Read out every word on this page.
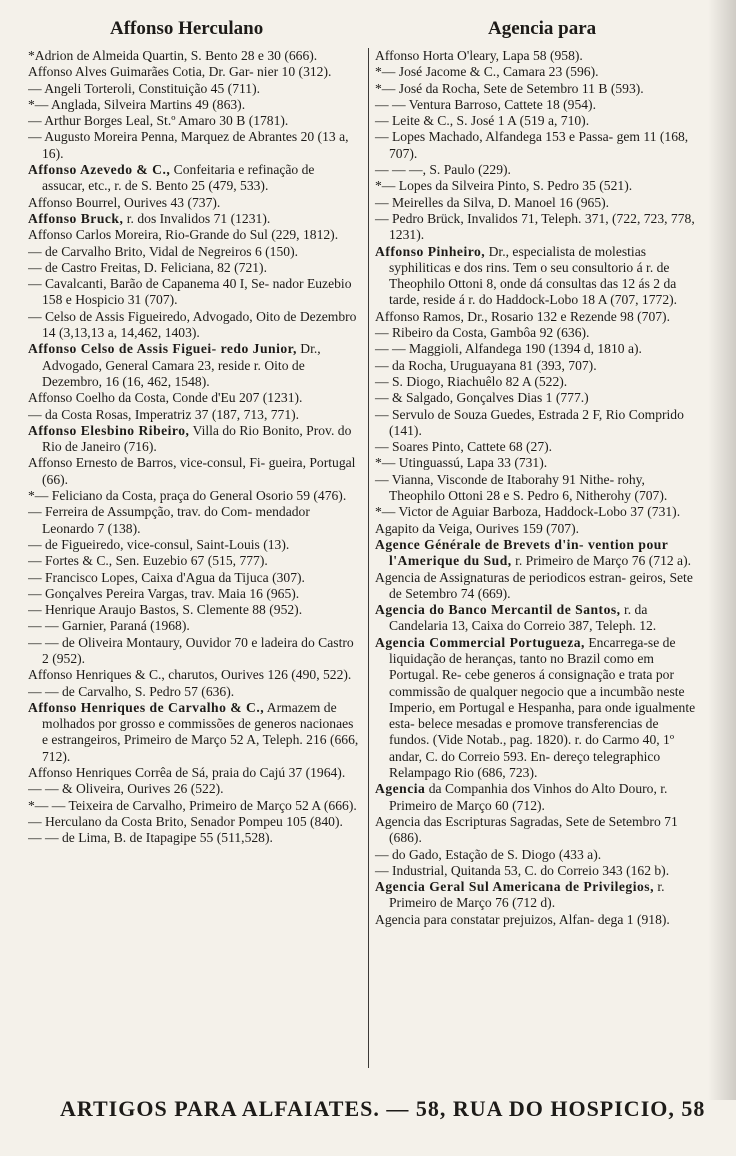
Affonso Herculano	Agencia para

*Adrion de Almeida Quartin, S. Bento 28 e 30 (666).

Affonso Alves Guimarães Cotia, Dr. Gar- nier 10 (312).

— Angeli Torteroli, Constituição 45 (711).

*— Anglada, Silveira Martins 49 (863).

— Arthur Borges Leal, St.º Amaro 30 B (1781).

— Augusto Moreira Penna, Marquez de Abrantes 20 (13 a, 16).

Affonso Azevedo & C., Confeitaria e refinação de assucar, etc., r. de S. Bento 25 (479, 533).

Affonso Bourrel, Ourives 43 (737).

Affonso Bruck, r. dos Invalidos 71 (1231).

Affonso Carlos Moreira, Rio-Grande do Sul (229, 1812).

— de Carvalho Brito, Vidal de Negreiros 6 (150).

— de Castro Freitas, D. Feliciana, 82 (721).

— Cavalcanti, Barão de Capanema 40 I, Se- nador Euzebio 158 e Hospicio 31 (707).

— Celso de Assis Figueiredo, Advogado, Oito de Dezembro 14 (3,13,13 a, 14,462, 1403).

Affonso Celso de Assis Figuei- redo Junior, Dr., Advogado, General Camara 23, reside r. Oito de Dezembro, 16 (16, 462, 1548).

Affonso Coelho da Costa, Conde d'Eu 207 (1231).

— da Costa Rosas, Imperatriz 37 (187, 713, 771).

Affonso Elesbino Ribeiro, Villa do Rio Bonito, Prov. do Rio de Janeiro (716).

Affonso Ernesto de Barros, vice-consul, Fi- gueira, Portugal (66).

*— Feliciano da Costa, praça do General Osorio 59 (476).

— Ferreira de Assumpção, trav. do Com- mendador Leonardo 7 (138).

— de Figueiredo, vice-consul, Saint-Louis (13).

— Fortes & C., Sen. Euzebio 67 (515, 777).

— Francisco Lopes, Caixa d'Agua da Tijuca (307).

— Gonçalves Pereira Vargas, trav. Maia 16 (965).

— Henrique Araujo Bastos, S. Clemente 88 (952).

— — Garnier, Paraná (1968).

— — de Oliveira Montaury, Ouvidor 70 e ladeira do Castro 2 (952).

Affonso Henriques & C., charutos, Ourives 126 (490, 522).

— — de Carvalho, S. Pedro 57 (636).

Affonso Henriques de Carvalho & C., Armazem de molhados por grosso e commissões de generos nacionaes e estrangeiros, Primeiro de Março 52 A, Teleph. 216 (666, 712).

Affonso Henriques Corrêa de Sá, praia do Cajú 37 (1964).

— — & Oliveira, Ourives 26 (522).

*— — Teixeira de Carvalho, Primeiro de Março 52 A (666).

— Herculano da Costa Brito, Senador Pompeu 105 (840).

— — de Lima, B. de Itapagipe 55 (511,528).

Affonso Horta O'leary, Lapa 58 (958).

*— José Jacome & C., Camara 23 (596).

*— José da Rocha, Sete de Setembro 11 B (593).

— — Ventura Barroso, Cattete 18 (954).

— Leite & C., S. José 1 A (519 a, 710).

— Lopes Machado, Alfandega 153 e Passa- gem 11 (168, 707).

— — —, S. Paulo (229).

*— Lopes da Silveira Pinto, S. Pedro 35 (521).

— Meirelles da Silva, D. Manoel 16 (965).

— Pedro Brück, Invalidos 71, Teleph. 371, (722, 723, 778, 1231).

Affonso Pinheiro, Dr., especialista de molestias syphiliticas e dos rins. Tem o seu consultorio á r. de Theophilo Ottoni 8, onde dá consultas das 12 ás 2 da tarde, reside á r. do Haddock-Lobo 18 A (707, 1772).

Affonso Ramos, Dr., Rosario 132 e Rezende 98 (707).

— Ribeiro da Costa, Gambôa 92 (636).

— — Maggioli, Alfandega 190 (1394 d, 1810 a).

— da Rocha, Uruguayana 81 (393, 707).

— S. Diogo, Riachuêlo 82 A (522).

— & Salgado, Gonçalves Dias 1 (777.)

— Servulo de Souza Guedes, Estrada 2 F, Rio Comprido (141).

— Soares Pinto, Cattete 68 (27).

*— Utinguassú, Lapa 33 (731).

— Vianna, Visconde de Itaborahy 91 Nithe- rohy, Theophilo Ottoni 28 e S. Pedro 6, Nitherohy (707).

*— Victor de Aguiar Barboza, Haddock-Lobo 37 (731).

Agapito da Veiga, Ourives 159 (707).

Agence Générale de Brevets d'in- vention pour l'Amerique du Sud, r. Primeiro de Março 76 (712 a).

Agencia de Assignaturas de periodicos estran- geiros, Sete de Setembro 74 (669).

Agencia do Banco Mercantil de Santos, r. da Candelaria 13, Caixa do Correio 387, Teleph. 12.

Agencia Commercial Portugueza, Encarrega-se de liquidação de heranças, tanto no Brazil como em Portugal. Re- cebe generos á consignação e trata por commissão de qualquer negocio que a incumbão neste Imperio, em Portugal e Hespanha, para onde igualmente esta- belece mesadas e promove transferencias de fundos. (Vide Notab., pag. 1820). r. do Carmo 40, 1º andar, C. do Correio 593. En- dereço telegraphico Relampago Rio (686, 723).

Agencia da Companhia dos Vinhos do Alto Douro, r. Primeiro de Março 60 (712).

Agencia das Escripturas Sagradas, Sete de Setembro 71 (686).

— do Gado, Estação de S. Diogo (433 a).

— Industrial, Quitanda 53, C. do Correio 343 (162 b).

Agencia Geral Sul Americana de Privilegios, r. Primeiro de Março 76 (712 d).

Agencia para constatar prejuizos, Alfan- dega 1 (918).

ARTIGOS PARA ALFAIATES. — 58, RUA DO HOSPICIO, 58
